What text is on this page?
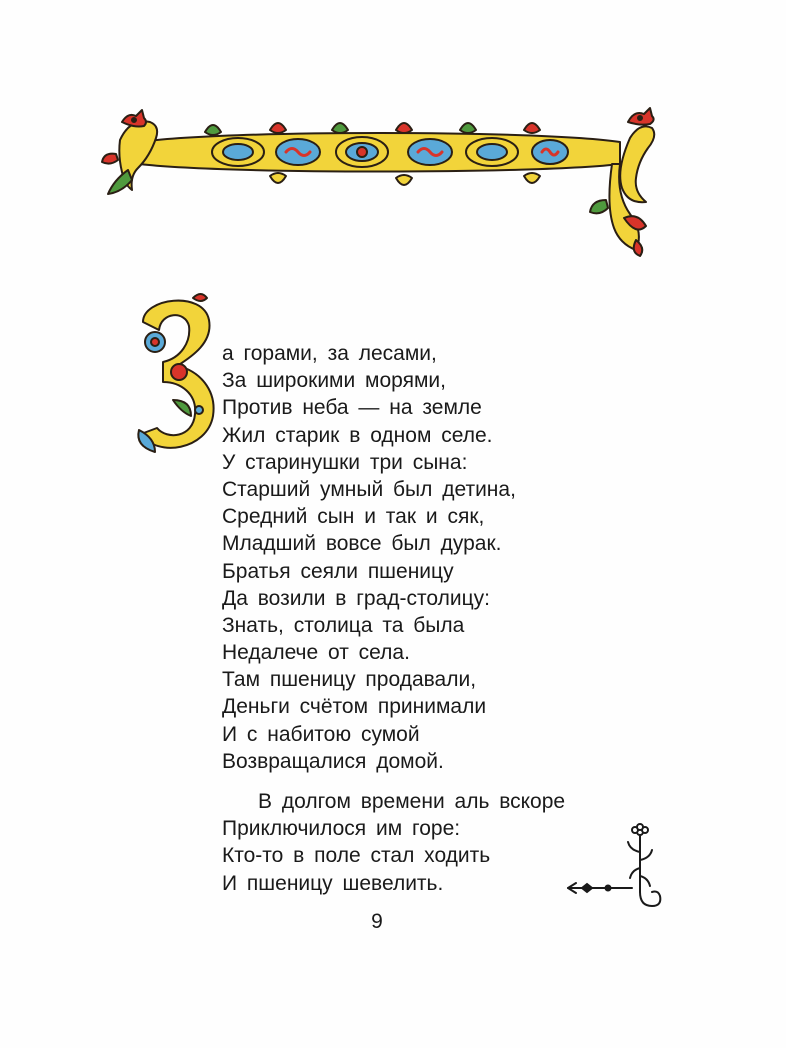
а горами, за лесами,
За широкими морями,
Против неба — на земле
Жил старик в одном селе.
У старинушки три сына:
Старший умный был детина,
Средний сын и так и сяк,
Младший вовсе был дурак.
Братья сеяли пшеницу
Да возили в град-столицу:
Знать, столица та была
Недалече от села.
Там пшеницу продавали,
Деньги счётом принимали
И с набитою сумой
Возвращалися домой.
В долгом времени аль вскоре
Приключилося им горе:
Кто-то в поле стал ходить
И пшеницу шевелить.
9
